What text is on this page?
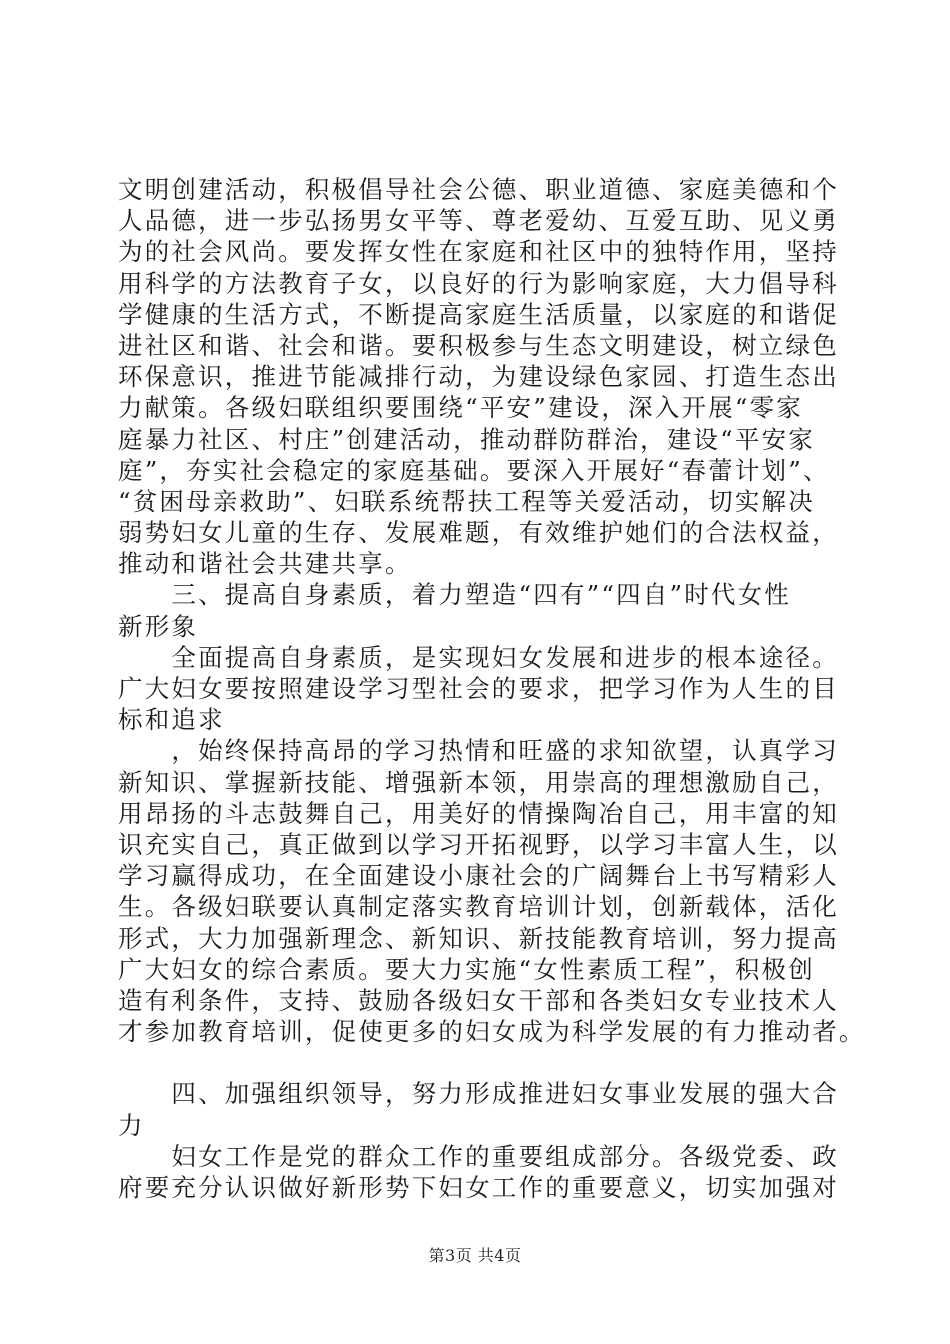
文明创建活动，积极倡导社会公德、职业道德、家庭美德和个
人品德，进一步弘扬男女平等、尊老爱幼、互爱互助、见义勇
为的社会风尚。要发挥女性在家庭和社区中的独特作用，坚持
用科学的方法教育子女，以良好的行为影响家庭，大力倡导科
学健康的生活方式，不断提高家庭生活质量，以家庭的和谐促
进社区和谐、社会和谐。要积极参与生态文明建设，树立绿色
环保意识，推进节能减排行动，为建设绿色家园、打造生态出
力献策。各级妇联组织要围绕“平安”建设，深入开展“零家
庭暴力社区、村庄”创建活动，推动群防群治，建设“平安家
庭”，夯实社会稳定的家庭基础。要深入开展好“春蕾计划”、
“贫困母亲救助”、妇联系统帮扶工程等关爱活动，切实解决
弱势妇女儿童的生存、发展难题，有效维护她们的合法权益，
推动和谐社会共建共享。
　　三、提高自身素质，着力塑造“四有”“四自”时代女性
新形象
　　全面提高自身素质，是实现妇女发展和进步的根本途径。
广大妇女要按照建设学习型社会的要求，把学习作为人生的目
标和追求
　　，始终保持高昂的学习热情和旺盛的求知欲望，认真学习
新知识、掌握新技能、增强新本领，用崇高的理想激励自己，
用昂扬的斗志鼓舞自己，用美好的情操陶冶自己，用丰富的知
识充实自己，真正做到以学习开拓视野，以学习丰富人生，以
学习赢得成功，在全面建设小康社会的广阔舞台上书写精彩人
生。各级妇联要认真制定落实教育培训计划，创新载体，活化
形式，大力加强新理念、新知识、新技能教育培训，努力提高
广大妇女的综合素质。要大力实施“女性素质工程”，积极创
造有利条件，支持、鼓励各级妇女干部和各类妇女专业技术人
才参加教育培训，促使更多的妇女成为科学发展的有力推动者。
　　四、加强组织领导，努力形成推进妇女事业发展的强大合
力
　　妇女工作是党的群众工作的重要组成部分。各级党委、政
府要充分认识做好新形势下妇女工作的重要意义，切实加强对
第3页 共4页
